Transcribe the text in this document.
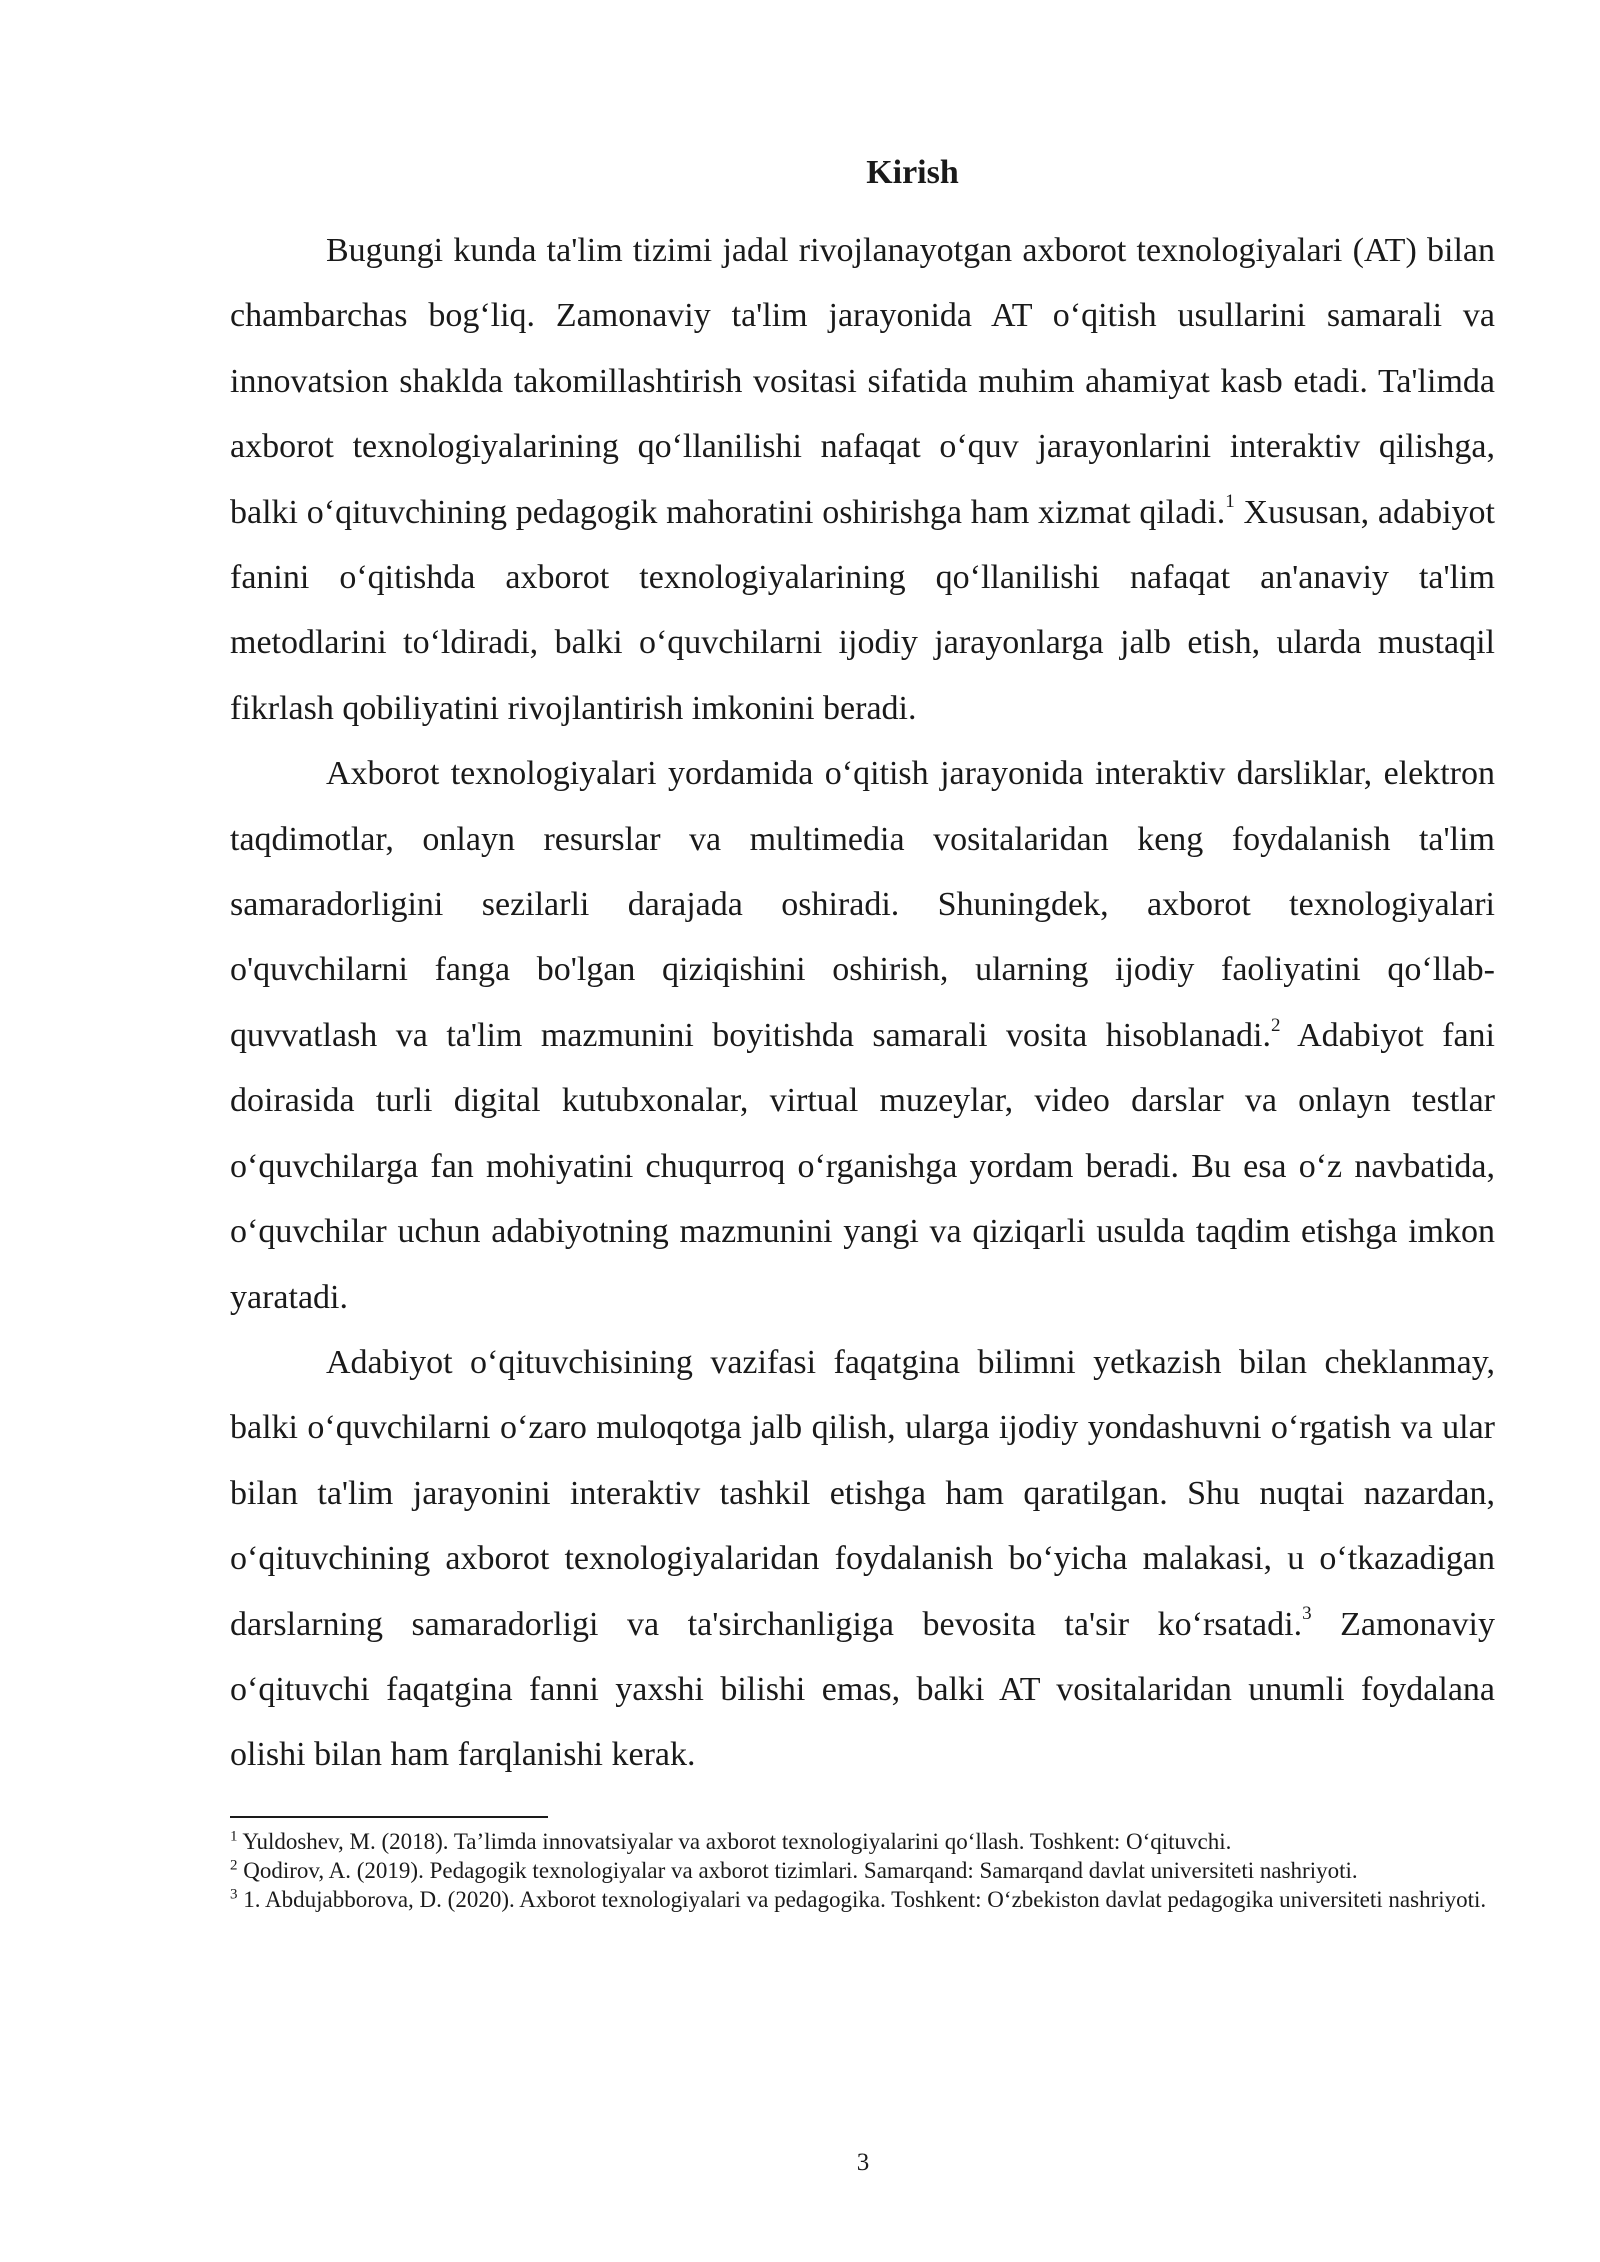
Kirish

Bugungi kunda ta'lim tizimi jadal rivojlanayotgan axborot texnologiyalari (AT) bilan chambarchas bog‘liq. Zamonaviy ta'lim jarayonida AT o‘qitish usullarini samarali va innovatsion shaklda takomillashtirish vositasi sifatida muhim ahamiyat kasb etadi. Ta'limda axborot texnologiyalarining qo‘llanilishi nafaqat o‘quv jarayonlarini interaktiv qilishga, balki o‘qituvchining pedagogik mahoratini oshirishga ham xizmat qiladi.$^1$ Xususan, adabiyot fanini o‘qitishda axborot texnologiyalarining qo‘llanilishi nafaqat an'anaviy ta'lim metodlarini to‘ldiradi, balki o‘quvchilarni ijodiy jarayonlarga jalb etish, ularda mustaqil fikrlash qobiliyatini rivojlantirish imkonini beradi.

Axborot texnologiyalari yordamida o‘qitish jarayonida interaktiv darsliklar, elektron taqdimotlar, onlayn resurslar va multimedia vositalaridan keng foydalanish ta'lim samaradorligini sezilarli darajada oshiradi. Shuningdek, axborot texnologiyalari o'quvchilarni fanga bo'lgan qiziqishini oshirish, ularning ijodiy faoliyatini qo‘llab-quvvatlash va ta'lim mazmunini boyitishda samarali vosita hisoblanadi.$^2$ Adabiyot fani doirasida turli digital kutubxonalar, virtual muzeylar, video darslar va onlayn testlar o‘quvchilarga fan mohiyatini chuqurroq o‘rganishga yordam beradi. Bu esa o‘z navbatida, o‘quvchilar uchun adabiyotning mazmunini yangi va qiziqarli usulda taqdim etishga imkon yaratadi.

Adabiyot o‘qituvchisining vazifasi faqatgina bilimni yetkazish bilan cheklanmay, balki o‘quvchilarni o‘zaro muloqotga jalb qilish, ularga ijodiy yondashuvni o‘rgatish va ular bilan ta'lim jarayonini interaktiv tashkil etishga ham qaratilgan. Shu nuqtai nazardan, o‘qituvchining axborot texnologiyalaridan foydalanish bo‘yicha malakasi, u o‘tkazadigan darslarning samaradorligi va ta'sirchanligiga bevosita ta'sir ko‘rsatadi.$^3$ Zamonaviy o‘qituvchi faqatgina fanni yaxshi bilishi emas, balki AT vositalaridan unumli foydalana olishi bilan ham farqlanishi kerak.

$^1$ Yuldoshev, M. (2018). Ta’limda innovatsiyalar va axborot texnologiyalarini qo‘llash. Toshkent: O‘qituvchi.
$^2$ Qodirov, A. (2019). Pedagogik texnologiyalar va axborot tizimlari. Samarqand: Samarqand davlat universiteti nashriyoti.
$^3$ 1. Abdujabborova, D. (2020). Axborot texnologiyalari va pedagogika. Toshkent: O‘zbekiston davlat pedagogika universiteti nashriyoti.
3
